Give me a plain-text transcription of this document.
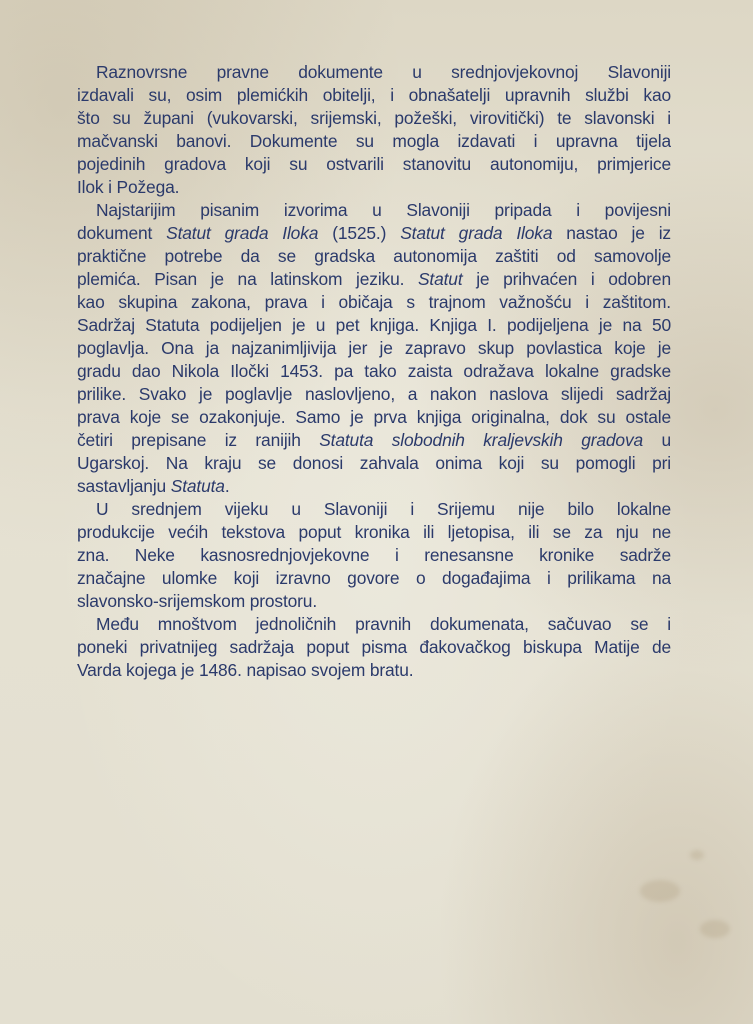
Raznovrsne pravne dokumente u srednjovjekovnoj Slavoniji
izdavali su, osim plemićkih obitelji, i obnašatelji upravnih službi kao
što su župani (vukovarski, srijemski, požeški, virovitički) te slavonski i
mačvanski banovi. Dokumente su mogla izdavati i upravna tijela
pojedinih gradova koji su ostvarili stanovitu autonomiju, primjerice
Ilok i Požega.
Najstarijim pisanim izvorima u Slavoniji pripada i povijesni
dokument Statut grada Iloka (1525.) Statut grada Iloka nastao je iz
praktične potrebe da se gradska autonomija zaštiti od samovolje
plemića. Pisan je na latinskom jeziku. Statut je prihvaćen i odobren
kao skupina zakona, prava i običaja s trajnom važnošću i zaštitom.
Sadržaj Statuta podijeljen je u pet knjiga. Knjiga I. podijeljena je na 50
poglavlja. Ona ja najzanimljivija jer je zapravo skup povlastica koje je
gradu dao Nikola Iločki 1453. pa tako zaista odražava lokalne gradske
prilike. Svako je poglavlje naslovljeno, a nakon naslova slijedi sadržaj
prava koje se ozakonjuje. Samo je prva knjiga originalna, dok su ostale
četiri prepisane iz ranijih Statuta slobodnih kraljevskih gradova u
Ugarskoj. Na kraju se donosi zahvala onima koji su pomogli pri
sastavljanju Statuta.
U srednjem vijeku u Slavoniji i Srijemu nije bilo lokalne
produkcije većih tekstova poput kronika ili ljetopisa, ili se za nju ne
zna. Neke kasnosrednjovjekovne i renesansne kronike sadrže
značajne ulomke koji izravno govore o događajima i prilikama na
slavonsko-srijemskom prostoru.
Među mnoštvom jednoličnih pravnih dokumenata, sačuvao se i
poneki privatnijeg sadržaja poput pisma đakovačkog biskupa Matije de
Varda kojega je 1486. napisao svojem bratu.
